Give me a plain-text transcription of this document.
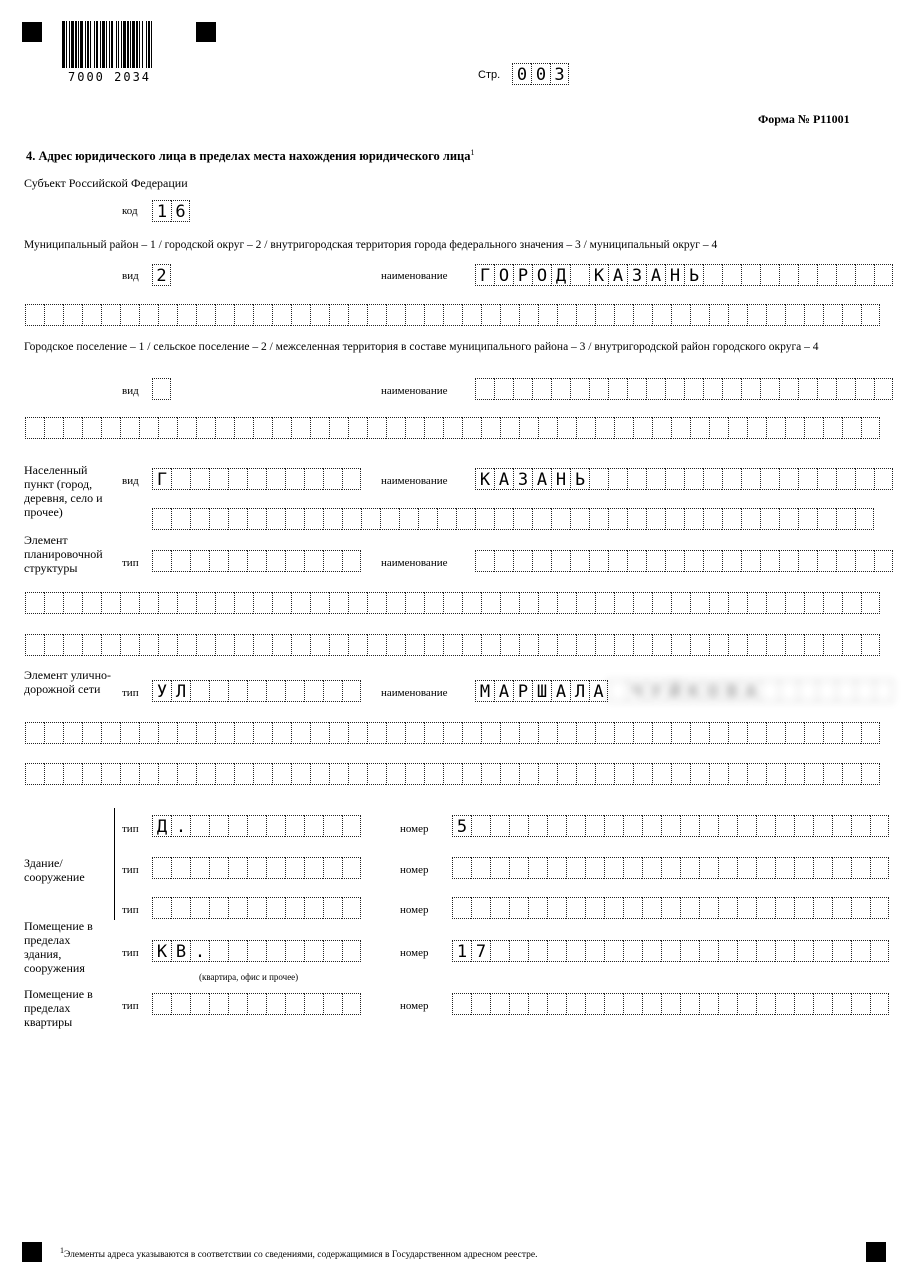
7000 2034	Стр. 0 0 3
Форма № Р11001
4. Адрес юридического лица в пределах места нахождения юридического лица$^1$
Субъект Российской Федерации
код 1 6
Муниципальный район – 1 / городской округ – 2 / внутригородская территория города федерального значения – 3 / муниципальный округ – 4
вид 2	наименование Г О Р О Д К А З А Н Ь
Городское поселение – 1 / сельское поселение – 2 / межселенная территория в составе муниципального района – 3 / внутригородской район городского округа – 4
вид	наименование
Населенный пункт (город, деревня, село и прочее)
вид Г	наименование К А З А Н Ь
Элемент планировочной структуры	тип	наименование
Элемент улично-дорожной сети	тип У Л	наименование М А Р Ш А Л А Ч У Й К О В А
Здание/ сооружение
тип Д .	номер 5
тип	номер
тип	номер
Помещение в пределах здания, сооружения
тип К В .	номер 1 7
(квартира, офис и прочее)
Помещение в пределах квартиры
тип	номер
$^1$Элементы адреса указываются в соответствии со сведениями, содержащимися в Государственном адресном реестре.
